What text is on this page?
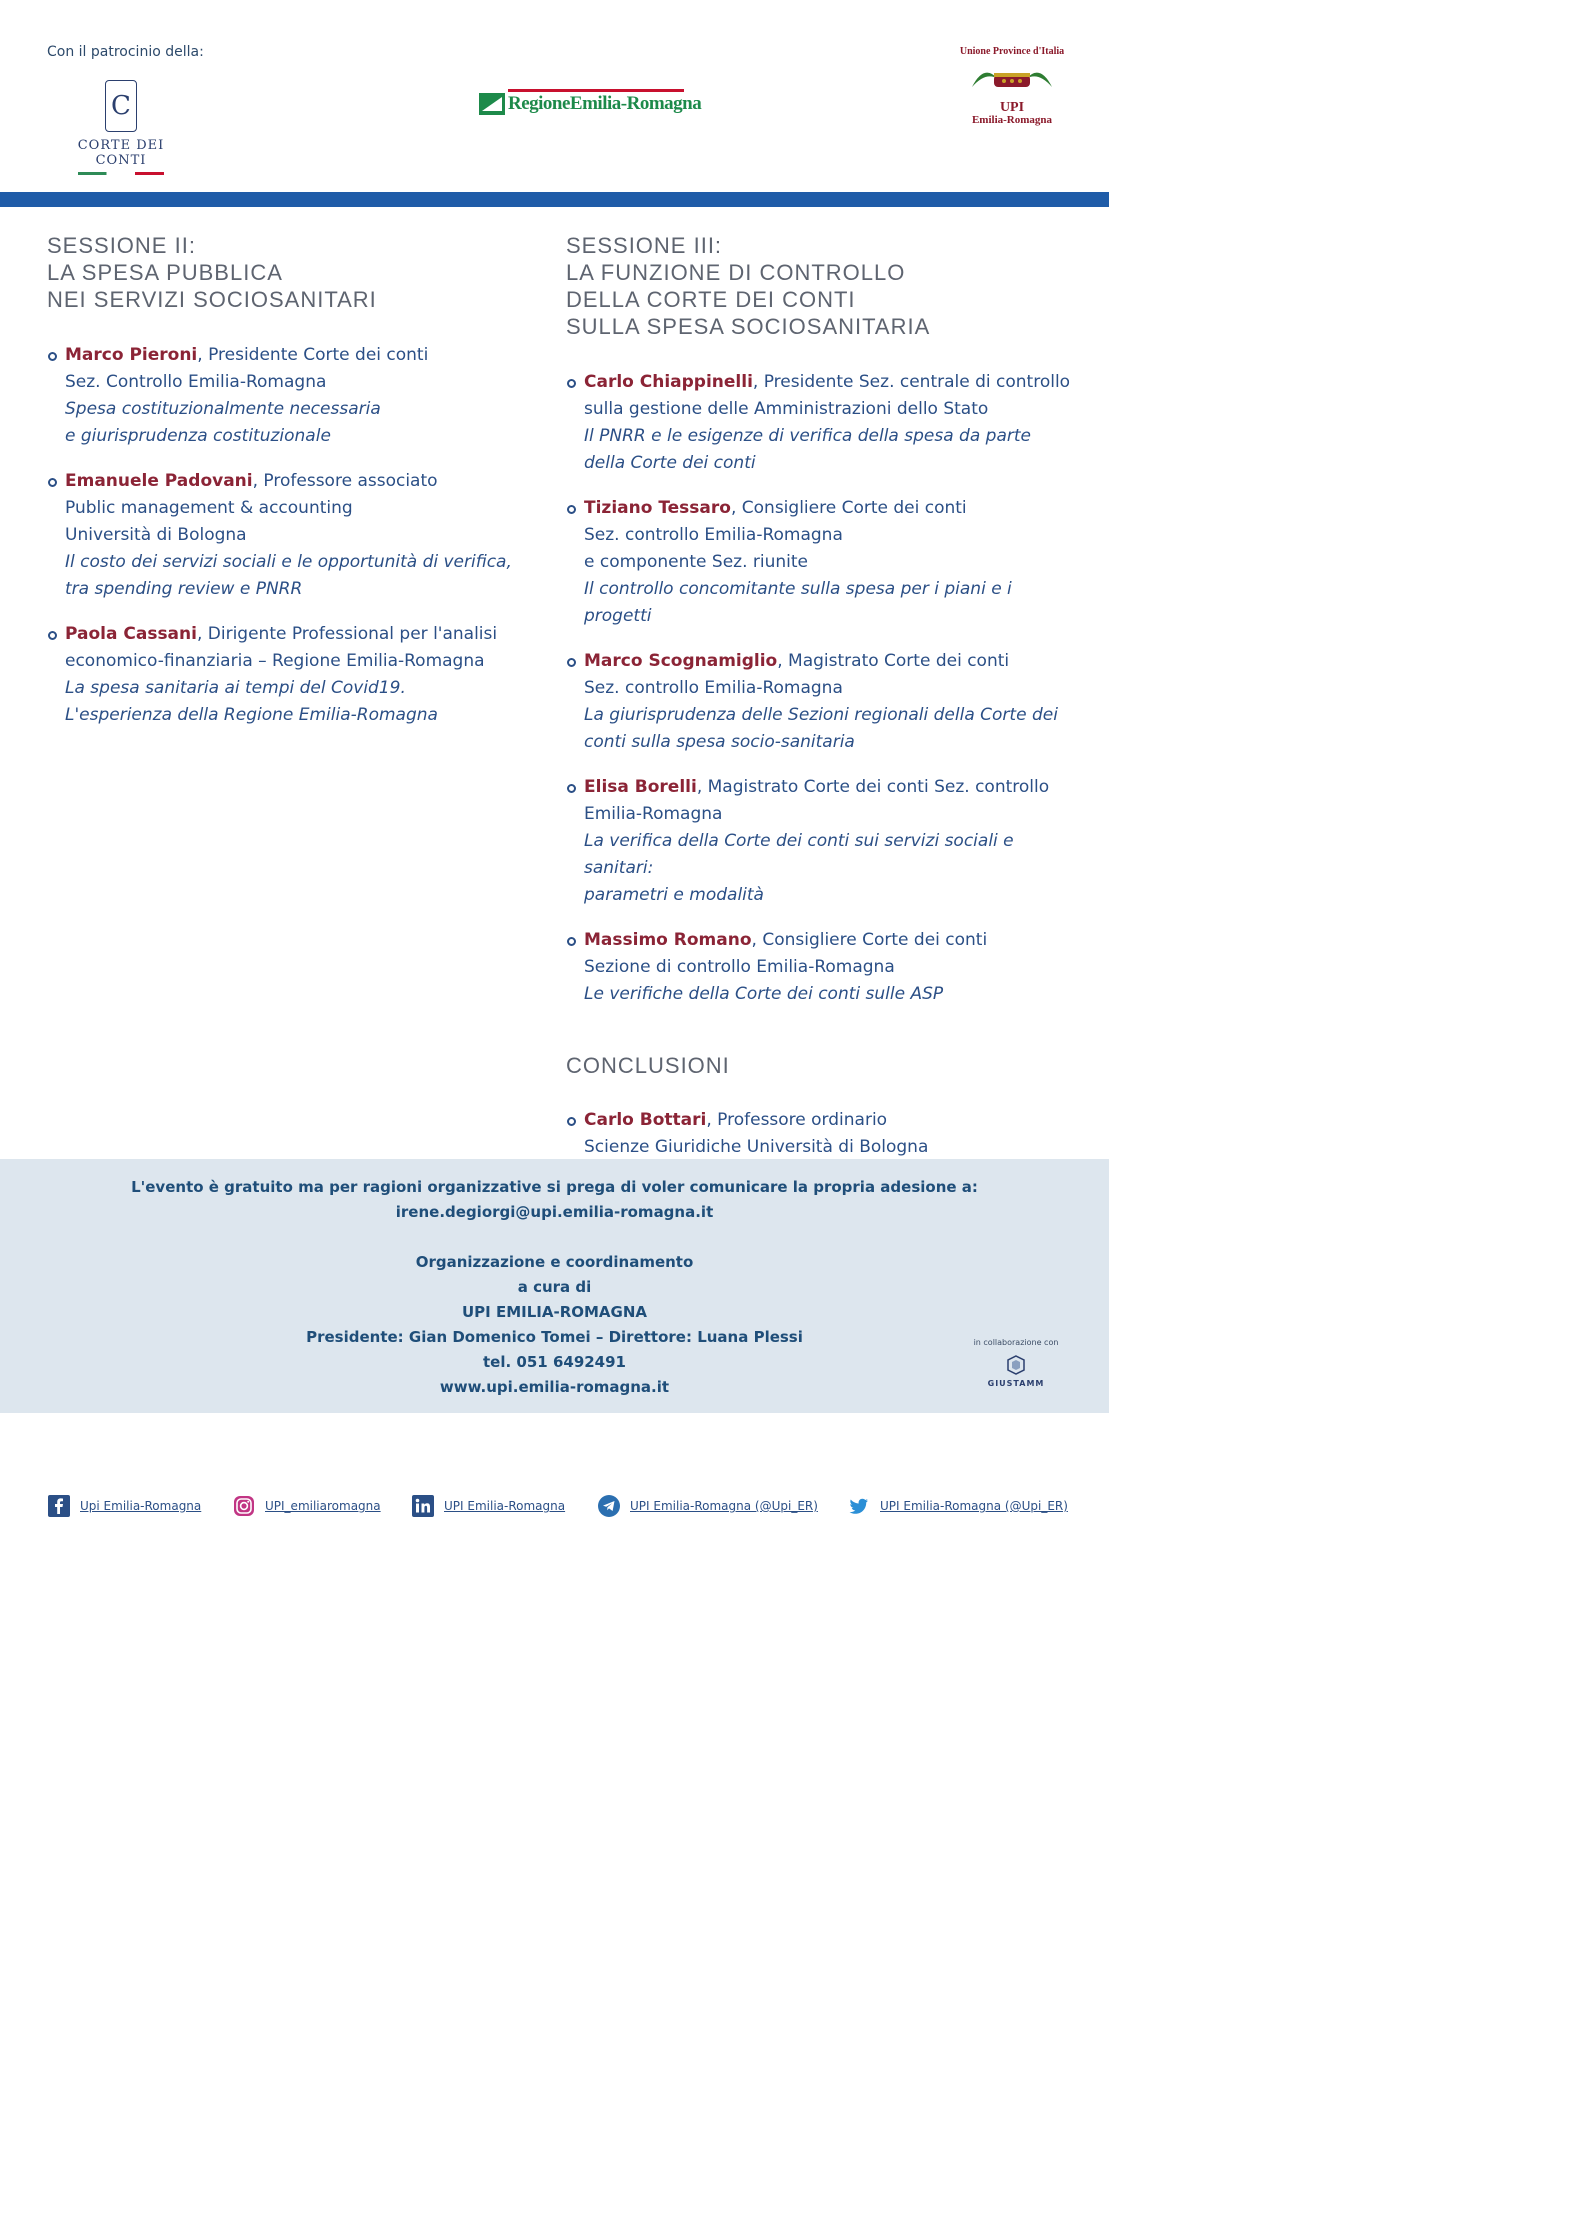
Con il patrocinio della:
C
CORTE DEI CONTI
RegioneEmilia-Romagna
Unione Province d'Italia
UPI
Emilia-Romagna
SESSIONE II:
LA SPESA PUBBLICA
NEI SERVIZI SOCIOSANITARI
Marco Pieroni, Presidente Corte dei conti
Sez. Controllo Emilia-Romagna
Spesa costituzionalmente necessaria
e giurisprudenza costituzionale
Emanuele Padovani, Professore associato
Public management & accounting
Università di Bologna
Il costo dei servizi sociali e le opportunità di verifica,
tra spending review e PNRR
Paola Cassani, Dirigente Professional per l'analisi
economico-finanziaria – Regione Emilia-Romagna
La spesa sanitaria ai tempi del Covid19.
L'esperienza della Regione Emilia-Romagna
SESSIONE III:
LA FUNZIONE DI CONTROLLO
DELLA CORTE DEI CONTI
SULLA SPESA SOCIOSANITARIA
Carlo Chiappinelli, Presidente Sez. centrale di controllo
sulla gestione delle Amministrazioni dello Stato
Il PNRR e le esigenze di verifica della spesa da parte
della Corte dei conti
Tiziano Tessaro, Consigliere Corte dei conti
Sez. controllo Emilia-Romagna
e componente Sez. riunite
Il controllo concomitante sulla spesa per i piani e i progetti
Marco Scognamiglio, Magistrato Corte dei conti
Sez. controllo Emilia-Romagna
La giurisprudenza delle Sezioni regionali della Corte dei
conti sulla spesa socio-sanitaria
Elisa Borelli, Magistrato Corte dei conti Sez. controllo
Emilia-Romagna
La verifica della Corte dei conti sui servizi sociali e sanitari:
parametri e modalità
Massimo Romano, Consigliere Corte dei conti
Sezione di controllo Emilia-Romagna
Le verifiche della Corte dei conti sulle ASP
CONCLUSIONI
Carlo Bottari, Professore ordinario
Scienze Giuridiche Università di Bologna
L'evento è gratuito ma per ragioni organizzative si prega di voler comunicare la propria adesione a:
irene.degiorgi@upi.emilia-romagna.it
Organizzazione e coordinamento
a cura di
UPI EMILIA-ROMAGNA
Presidente: Gian Domenico Tomei – Direttore: Luana Plessi
tel. 051 6492491
www.upi.emilia-romagna.it
in collaborazione con
GIUSTAMM
Upi Emilia-Romagna	UPI_emiliaromagna	UPI Emilia-Romagna	UPI Emilia-Romagna (@Upi_ER)	UPI Emilia-Romagna (@Upi_ER)
